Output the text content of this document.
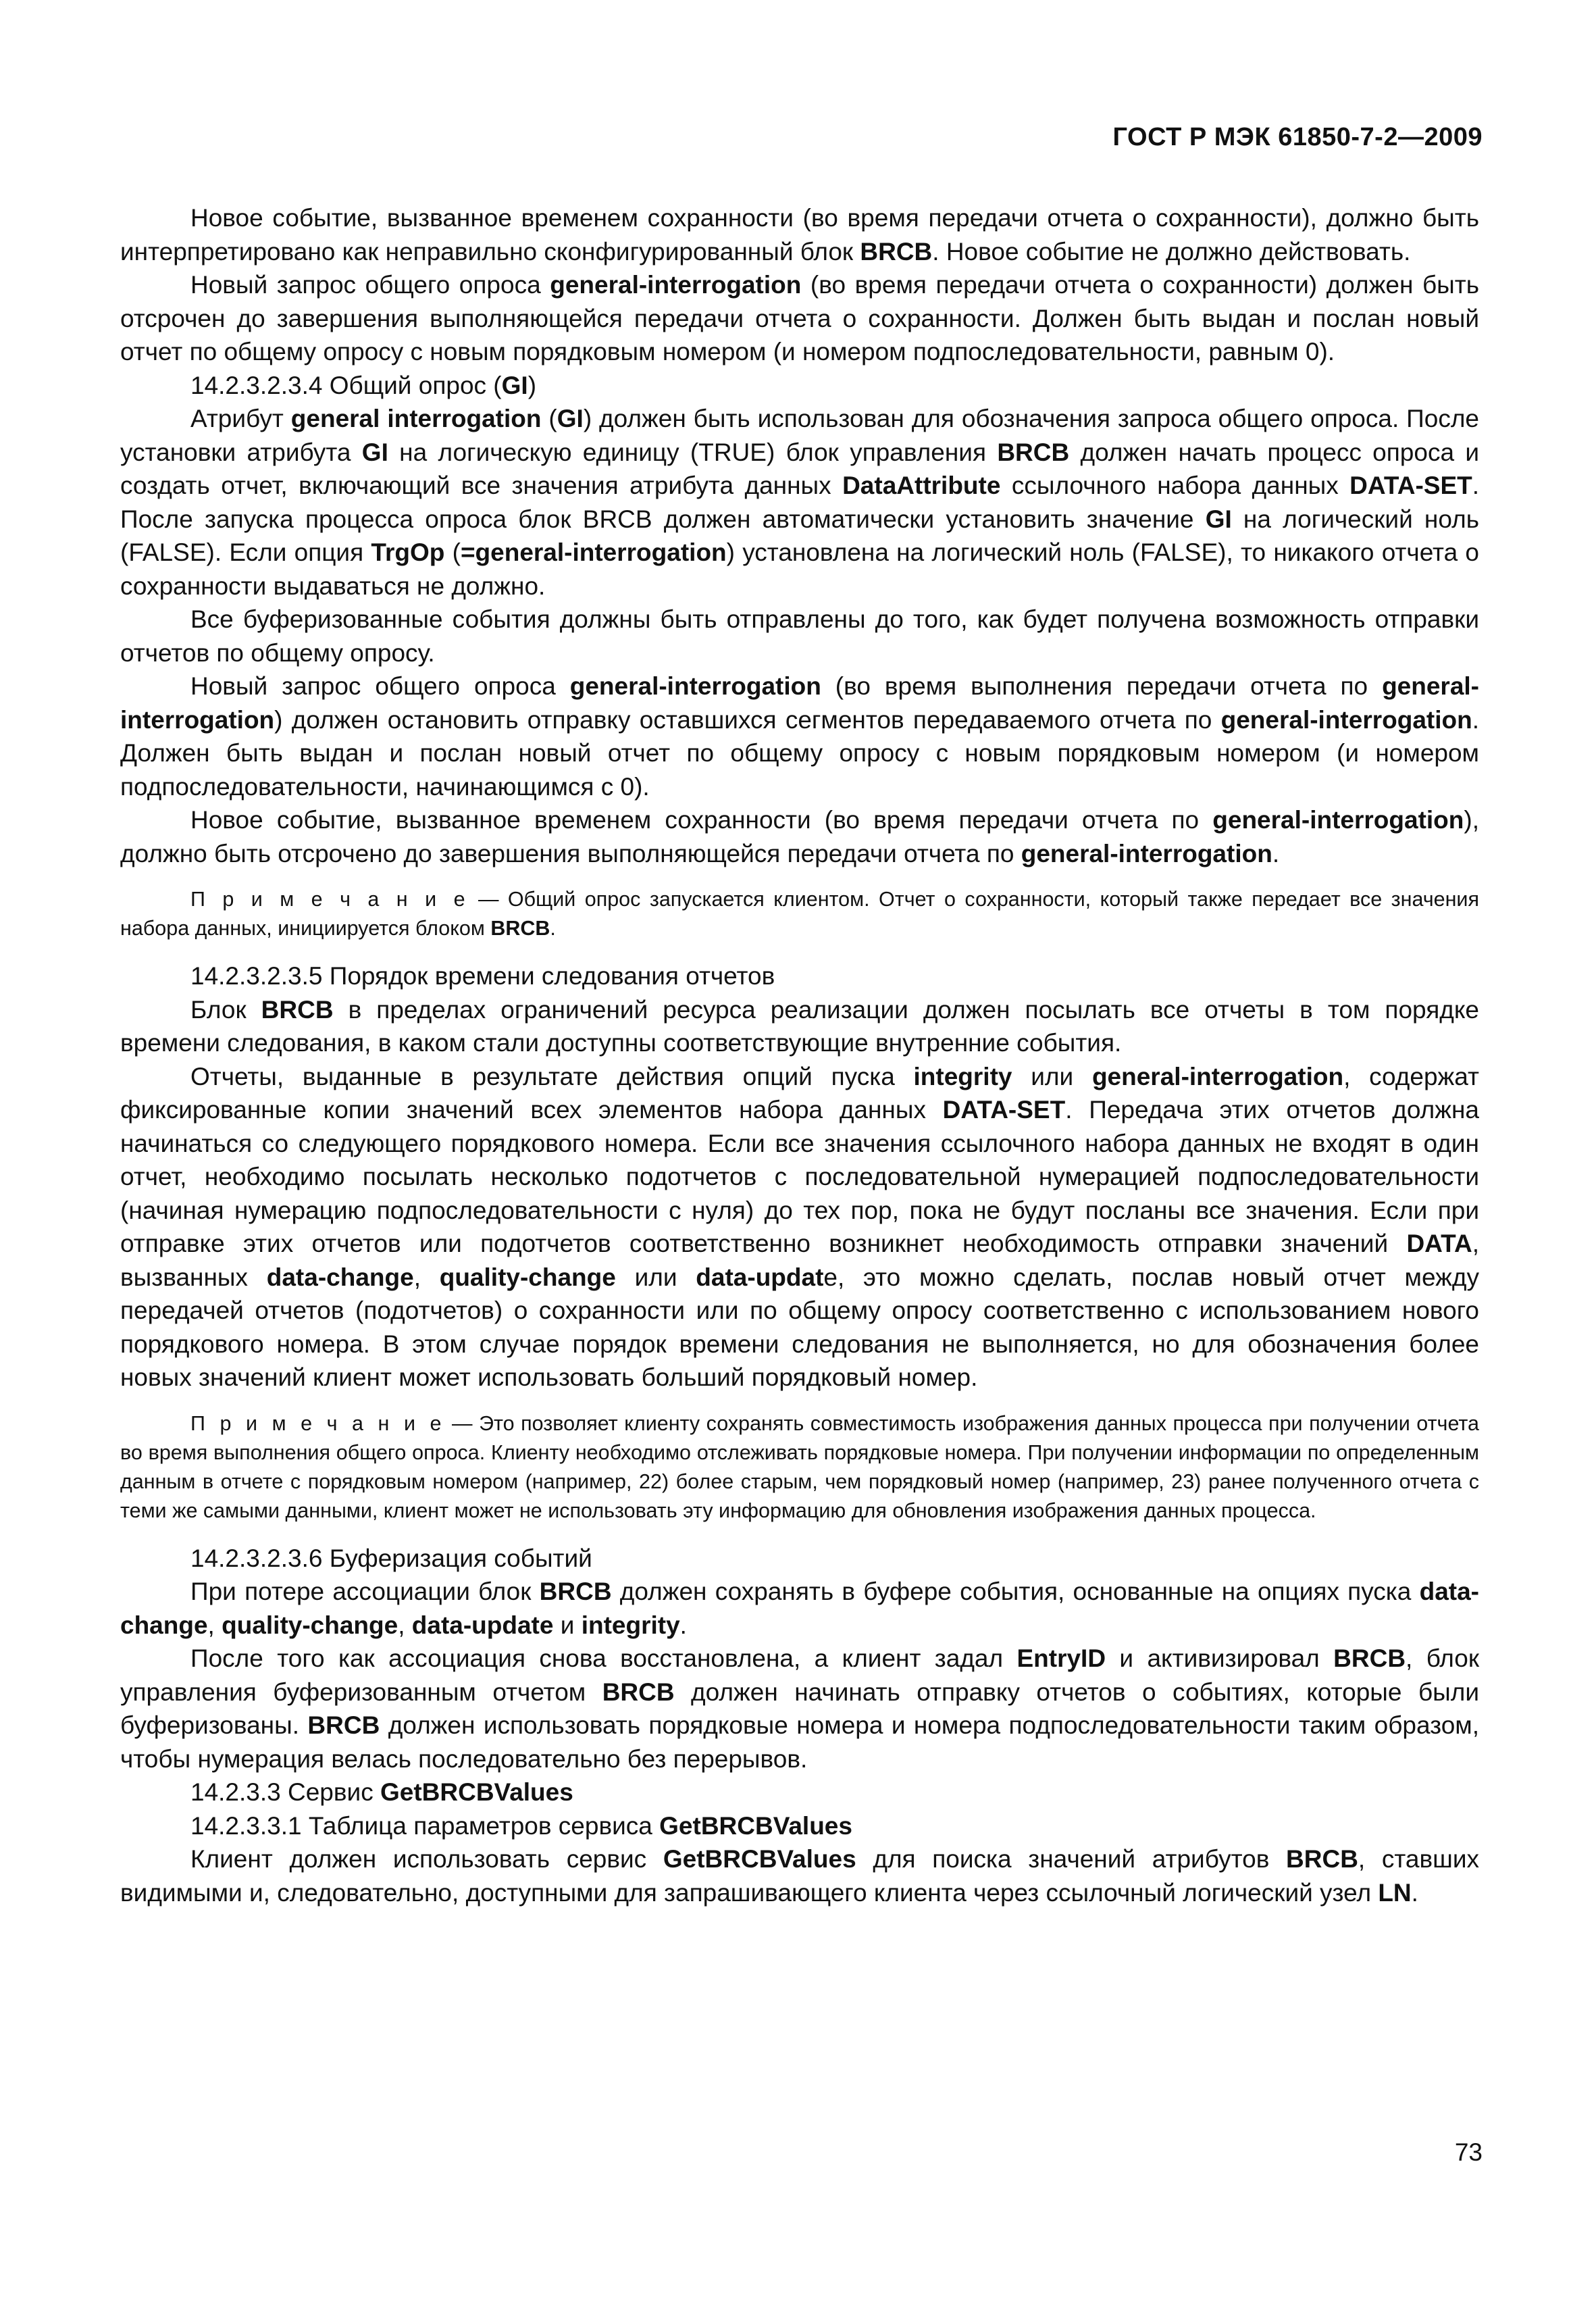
ГОСТ Р МЭК 61850-7-2—2009

Новое событие, вызванное временем сохранности (во время передачи отчета о сохранности), должно быть интерпретировано как неправильно сконфигурированный блок BRCB. Новое событие не должно действовать.

Новый запрос общего опроса general-interrogation (во время передачи отчета о сохранности) должен быть отсрочен до завершения выполняющейся передачи отчета о сохранности. Должен быть выдан и послан новый отчет по общему опросу с новым порядковым номером (и номером подпоследовательности, равным 0).

14.2.3.2.3.4 Общий опрос (GI)

Атрибут general interrogation (GI) должен быть использован для обозначения запроса общего опроса. После установки атрибута GI на логическую единицу (TRUE) блок управления BRCB должен начать процесс опроса и создать отчет, включающий все значения атрибута данных DataAttribute ссылочного набора данных DATA-SET. После запуска процесса опроса блок BRCB должен автоматически установить значение GI на логический ноль (FALSE). Если опция TrgOp (=general-interrogation) установлена на логический ноль (FALSE), то никакого отчета о сохранности выдаваться не должно.

Все буферизованные события должны быть отправлены до того, как будет получена возможность отправки отчетов по общему опросу.

Новый запрос общего опроса general-interrogation (во время выполнения передачи отчета по general-interrogation) должен остановить отправку оставшихся сегментов передаваемого отчета по general-interrogation. Должен быть выдан и послан новый отчет по общему опросу с новым порядковым номером (и номером подпоследовательности, начинающимся с 0).

Новое событие, вызванное временем сохранности (во время передачи отчета по general-interrogation), должно быть отсрочено до завершения выполняющейся передачи отчета по general-interrogation.

П р и м е ч а н и е — Общий опрос запускается клиентом. Отчет о сохранности, который также передает все значения набора данных, инициируется блоком BRCB.

14.2.3.2.3.5 Порядок времени следования отчетов

Блок BRCB в пределах ограничений ресурса реализации должен посылать все отчеты в том порядке времени следования, в каком стали доступны соответствующие внутренние события.

Отчеты, выданные в результате действия опций пуска integrity или general-interrogation, содержат фиксированные копии значений всех элементов набора данных DATA-SET. Передача этих отчетов должна начинаться со следующего порядкового номера. Если все значения ссылочного набора данных не входят в один отчет, необходимо посылать несколько подотчетов с последовательной нумерацией подпоследовательности (начиная нумерацию подпоследовательности с нуля) до тех пор, пока не будут посланы все значения. Если при отправке этих отчетов или подотчетов соответственно возникнет необходимость отправки значений DATA, вызванных data-change, quality-change или data-update, это можно сделать, послав новый отчет между передачей отчетов (подотчетов) о сохранности или по общему опросу соответственно с использованием нового порядкового номера. В этом случае порядок времени следования не выполняется, но для обозначения более новых значений клиент может использовать больший порядковый номер.

П р и м е ч а н и е — Это позволяет клиенту сохранять совместимость изображения данных процесса при получении отчета во время выполнения общего опроса. Клиенту необходимо отслеживать порядковые номера. При получении информации по определенным данным в отчете с порядковым номером (например, 22) более старым, чем порядковый номер (например, 23) ранее полученного отчета с теми же самыми данными, клиент может не использовать эту информацию для обновления изображения данных процесса.

14.2.3.2.3.6 Буферизация событий

При потере ассоциации блок BRCB должен сохранять в буфере события, основанные на опциях пуска data-change, quality-change, data-update и integrity.

После того как ассоциация снова восстановлена, а клиент задал EntryID и активизировал BRCB, блок управления буферизованным отчетом BRCB должен начинать отправку отчетов о событиях, которые были буферизованы. BRCB должен использовать порядковые номера и номера подпоследовательности таким образом, чтобы нумерация велась последовательно без перерывов.

14.2.3.3 Сервис GetBRCBValues

14.2.3.3.1 Таблица параметров сервиса GetBRCBValues

Клиент должен использовать сервис GetBRCBValues для поиска значений атрибутов BRCB, ставших видимыми и, следовательно, доступными для запрашивающего клиента через ссылочный логический узел LN.

73
